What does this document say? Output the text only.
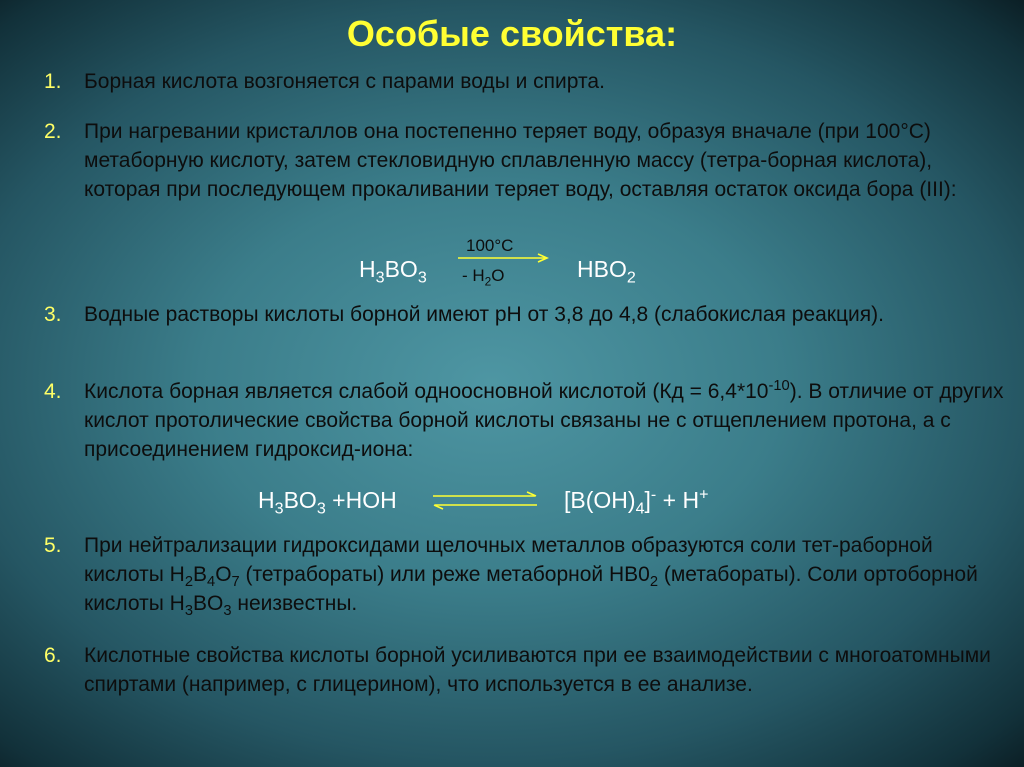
Особые свойства:
1.	Борная кислота возгоняется с парами воды и спирта.
2.	При нагревании кристаллов она постепенно теряет воду, образуя вначале (при 100°С) метаборную кислоту, затем стекловидную сплавленную массу (тетра-борная кислота), которая при последующем прокаливании теряет воду, оставляя остаток оксида бора (III):
$H_3BO_3$
100°С
- $H_2O$	$HBO_2$
3.	Водные растворы кислоты борной имеют pH от 3,8 до 4,8 (слабокислая реакция).
4.	Кислота борная является слабой одноосновной кислотой $(Кд = 6,4*10^{-10})$. В отличие от других кислот протолические свойства борной кислоты связаны не с отщеплением протона, а с присоединением гидроксид-иона:
$H_3BO_3 +HOH$	$[B(OH)_4]^- + H^+$
5.	При нейтрализации гидроксидами щелочных металлов образуются соли тет-раборной кислоты $H_2B_4O_7$ (тетрабораты) или реже метаборной $НВ0_2$ (метабораты). Соли ортоборной кислоты $H_3BO_3$ неизвестны.
6.	Кислотные свойства кислоты борной усиливаются при ее взаимодействии с многоатомными спиртами (например, с глицерином), что используется в ее анализе.
